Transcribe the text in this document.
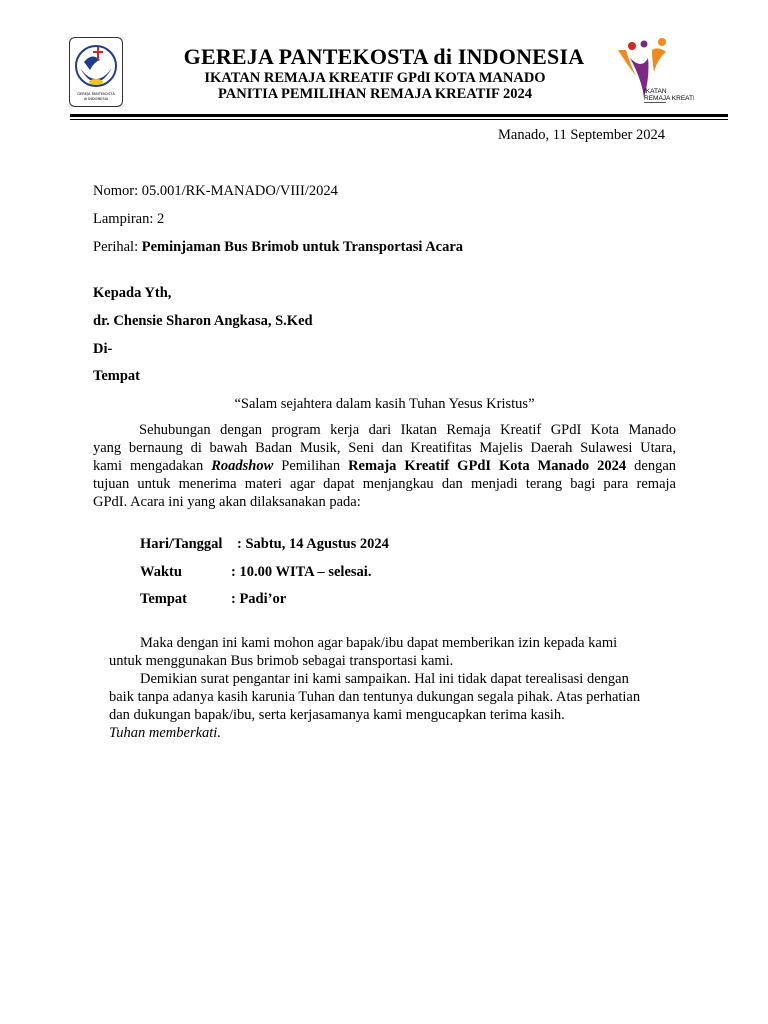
GEREJA PANTEKOSTA
di INDONESIA
IKATAN
REMAJA KREATIF
GEREJA PANTEKOSTA di INDONESIA
IKATAN REMAJA KREATIF GPdI KOTA MANADO
PANITIA PEMILIHAN REMAJA KREATIF 2024
Manado, 11 September 2024
Nomor: 05.001/RK-MANADO/VIII/2024
Lampiran: 2
Perihal: Peminjaman Bus Brimob untuk Transportasi Acara
Kepada Yth,
dr. Chensie Sharon Angkasa, S.Ked
Di-
Tempat
“Salam sejahtera dalam kasih Tuhan Yesus Kristus”
Sehubungan dengan program kerja dari Ikatan Remaja Kreatif GPdI Kota Manado
yang bernaung di bawah Badan Musik, Seni dan Kreatifitas Majelis Daerah Sulawesi Utara,
kami mengadakan Roadshow Pemilihan Remaja Kreatif GPdI Kota Manado 2024 dengan
tujuan untuk menerima materi agar dapat menjangkau dan menjadi terang bagi para remaja
GPdI. Acara ini yang akan dilaksanakan pada:
Hari/Tanggal : Sabtu, 14 Agustus 2024
Waktu	: 10.00 WITA – selesai.
Tempat	: Padi’or
Maka dengan ini kami mohon agar bapak/ibu dapat memberikan izin kepada kami
untuk menggunakan Bus brimob sebagai transportasi kami.
Demikian surat pengantar ini kami sampaikan. Hal ini tidak dapat terealisasi dengan
baik tanpa adanya kasih karunia Tuhan dan tentunya dukungan segala pihak. Atas perhatian
dan dukungan bapak/ibu, serta kerjasamanya kami mengucapkan terima kasih.
Tuhan memberkati.
